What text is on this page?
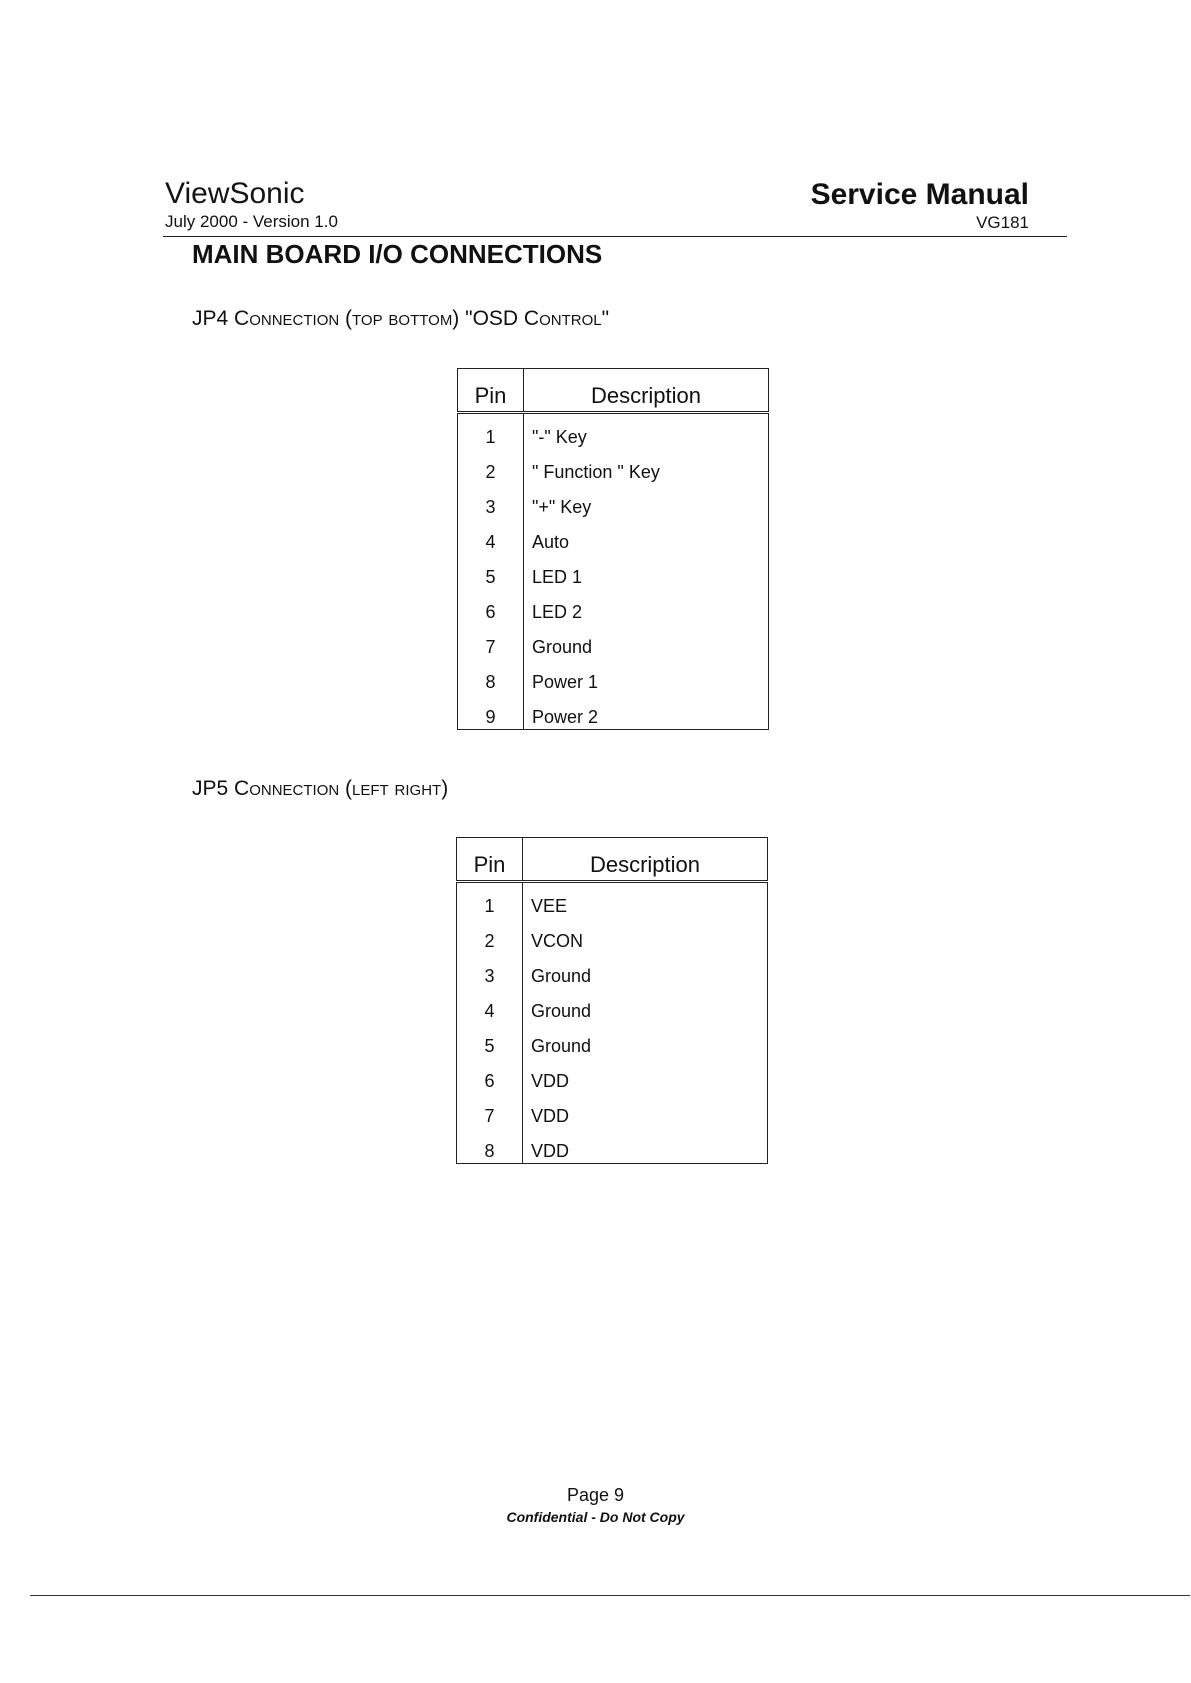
ViewSonic
July 2000 - Version 1.0
Service Manual
VG181
MAIN BOARD I/O CONNECTIONS
JP4 Connection (top bottom) "OSD Control"
Pin	Description
1	"-" Key
2	" Function " Key
3	"+" Key
4	Auto
5	LED 1
6	LED 2
7	Ground
8	Power 1
9	Power 2
JP5 Connection (left right)
Pin	Description
1	VEE
2	VCON
3	Ground
4	Ground
5	Ground
6	VDD
7	VDD
8	VDD
Page 9
Confidential - Do Not Copy
